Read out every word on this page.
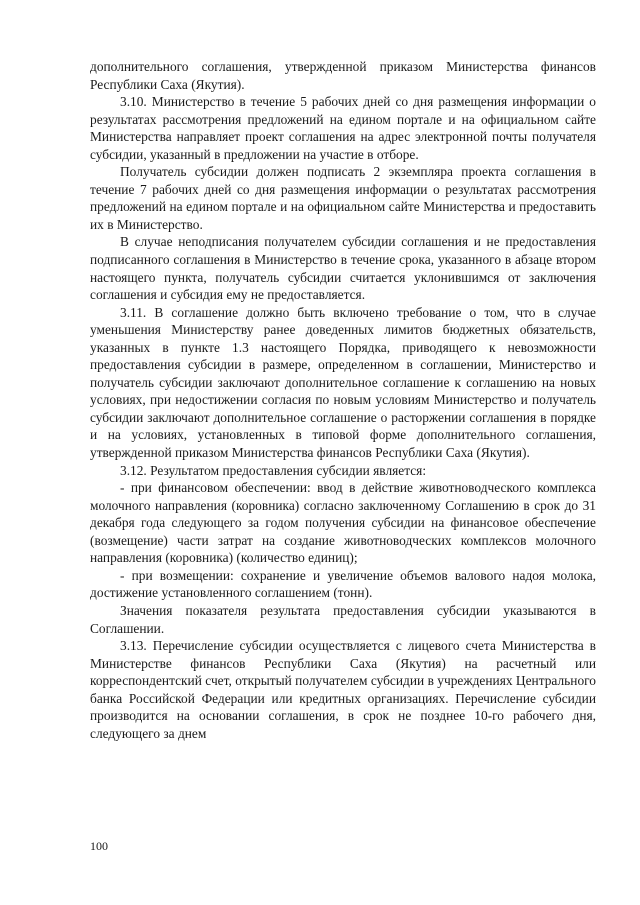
дополнительного соглашения, утвержденной приказом Министерства финансов Республики Саха (Якутия).

3.10. Министерство в течение 5 рабочих дней со дня размещения информации о результатах рассмотрения предложений на едином портале и на официальном сайте Министерства направляет проект соглашения на адрес электронной почты получателя субсидии, указанный в предложении на участие в отборе.

Получатель субсидии должен подписать 2 экземпляра проекта соглашения в течение 7 рабочих дней со дня размещения информации о результатах рассмотрения предложений на едином портале и на официальном сайте Министерства и предоставить их в Министерство.

В случае неподписания получателем субсидии соглашения и не предоставления подписанного соглашения в Министерство в течение срока, указанного в абзаце втором настоящего пункта, получатель субсидии считается уклонившимся от заключения соглашения и субсидия ему не предоставляется.

3.11. В соглашение должно быть включено требование о том, что в случае уменьшения Министерству ранее доведенных лимитов бюджетных обязательств, указанных в пункте 1.3 настоящего Порядка, приводящего к невозможности предоставления субсидии в размере, определенном в соглашении, Министерство и получатель субсидии заключают дополнительное соглашение к соглашению на новых условиях, при недостижении согласия по новым условиям Министерство и получатель субсидии заключают дополнительное соглашение о расторжении соглашения в порядке и на условиях, установленных в типовой форме дополнительного соглашения, утвержденной приказом Министерства финансов Республики Саха (Якутия).

3.12. Результатом предоставления субсидии является:

- при финансовом обеспечении: ввод в действие животноводческого комплекса молочного направления (коровника) согласно заключенному Соглашению в срок до 31 декабря года следующего за годом получения субсидии на финансовое обеспечение (возмещение) части затрат на создание животноводческих комплексов молочного направления (коровника) (количество единиц);

- при возмещении: сохранение и увеличение объемов валового надоя молока, достижение установленного соглашением (тонн).

Значения показателя результата предоставления субсидии указываются в Соглашении.

3.13. Перечисление субсидии осуществляется с лицевого счета Министерства в Министерстве финансов Республики Саха (Якутия) на расчетный или корреспондентский счет, открытый получателем субсидии в учреждениях Центрального банка Российской Федерации или кредитных организациях. Перечисление субсидии производится на основании соглашения, в срок не позднее 10-го рабочего дня, следующего за днем

100
